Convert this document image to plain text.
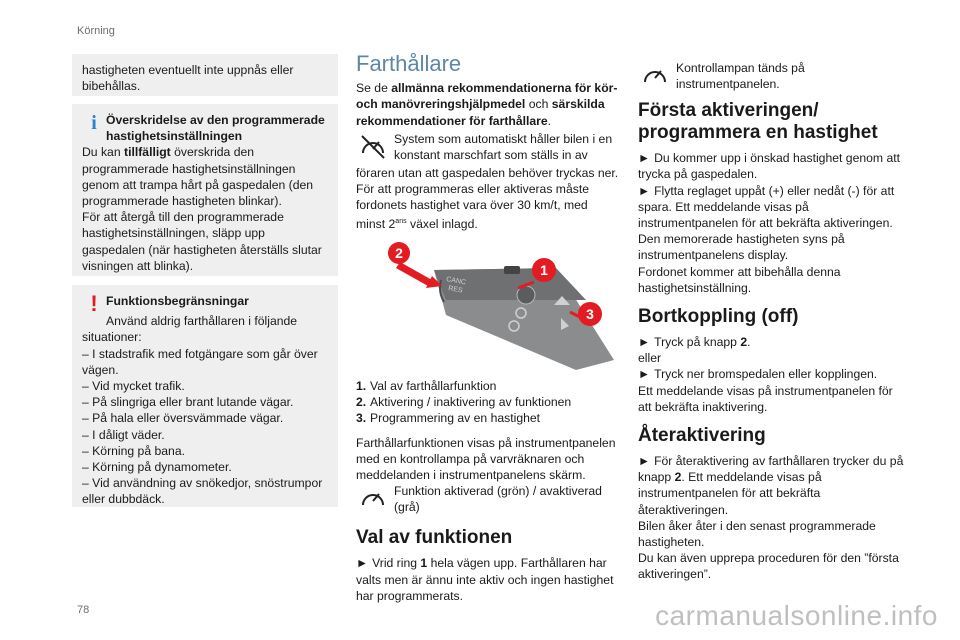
Körning
hastigheten eventuellt inte uppnås eller bibehållas.
i Överskridelse av den programmerade hastighetsinställningen
Du kan tillfälligt överskrida den programmerade hastighetsinställningen genom att trampa hårt på gaspedalen (den programmerade hastigheten blinkar).
För att återgå till den programmerade hastighetsinställningen, släpp upp gaspedalen (när hastigheten återställs slutar visningen att blinka).
! Funktionsbegränsningar

Använd aldrig farthållaren i följande situationer:
– I stadstrafik med fotgängare som går över vägen.
– Vid mycket trafik.
– På slingriga eller brant lutande vägar.
– På hala eller översvämmade vägar.
– I dåligt väder.
– Körning på bana.
– Körning på dynamometer.
– Vid användning av snökedjor, snöstrumpor eller dubbdäck.
Farthållare
Se de allmänna rekommendationerna för köroch manövreringshjälpmedel och särskilda rekommendationer för farthållare.
System som automatiskt håller bilen i en konstant marschfart som ställs in av
föraren utan att gaspedalen behöver tryckas ner.
För att programmeras eller aktiveras måste fordonets hastighet vara över 30 km/t, med minst $2^{ans}$ växel inlagd.
CANC
RES
2
1
3
1. Val av farthållarfunktion
2. Aktivering / inaktivering av funktionen
3. Programmering av en hastighet
Farthållarfunktionen visas på instrumentpanelen med en kontrollampa på varvräknaren och meddelanden i instrumentpanelens skärm.
Funktion aktiverad (grön) / avaktiverad (grå)
Val av funktionen
► Vrid ring 1 hela vägen upp. Farthållaren har valts men är ännu inte aktiv och ingen hastighet har programmerats.
Kontrollampan tänds på instrumentpanelen.
Första aktiveringen/ programmera en hastighet
► Du kommer upp i önskad hastighet genom att trycka på gaspedalen.
► Flytta reglaget uppåt (+) eller nedåt (-) för att spara. Ett meddelande visas på instrumentpanelen för att bekräfta aktiveringen.
Den memorerade hastigheten syns på instrumentpanelens display.
Fordonet kommer att bibehålla denna hastighetsinställning.
Bortkoppling (off)
► Tryck på knapp 2.
eller
► Tryck ner bromspedalen eller kopplingen.
Ett meddelande visas på instrumentpanelen för att bekräfta inaktivering.
Återaktivering
► För återaktivering av farthållaren trycker du på knapp 2. Ett meddelande visas på instrumentpanelen för att bekräfta återaktiveringen.
Bilen åker åter i den senast programmerade hastigheten.
Du kan även upprepa proceduren för den ”första aktiveringen”.
78	carmanualsonline.info
